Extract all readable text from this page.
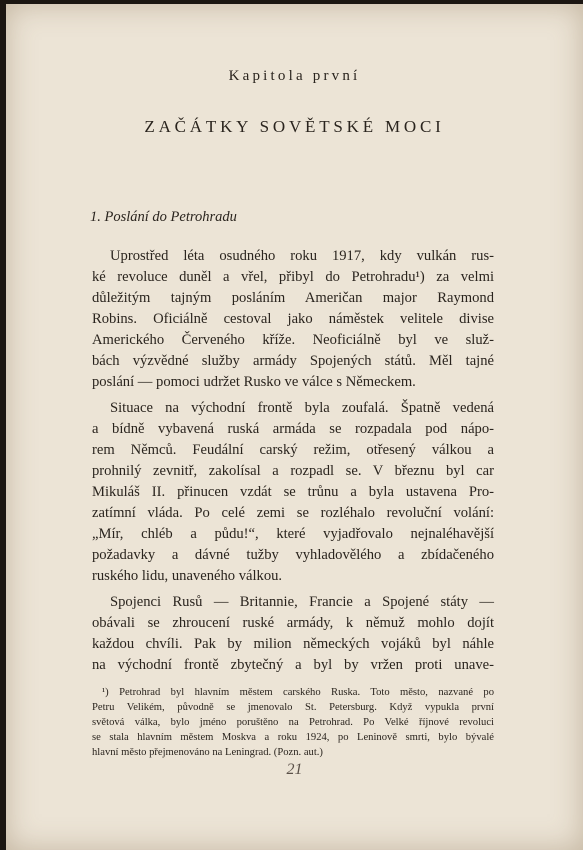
Kapitola první
ZAČÁTKY SOVĚTSKÉ MOCI
1. Poslání do Petrohradu
Uprostřed léta osudného roku 1917, kdy vulkán rus-
ké revoluce duněl a vřel, přibyl do Petrohradu¹) za velmi
důležitým tajným posláním Američan major Raymond
Robins. Oficiálně cestoval jako náměstek velitele divise
Amerického Červeného kříže. Neoficiálně byl ve služ-
bách výzvědné služby armády Spojených států. Měl tajné
poslání — pomoci udržet Rusko ve válce s Německem.
Situace na východní frontě byla zoufalá. Špatně vedená
a bídně vybavená ruská armáda se rozpadala pod nápo-
rem Němců. Feudální carský režim, otřesený válkou a
prohnilý zevnitř, zakolísal a rozpadl se. V březnu byl car
Mikuláš II. přinucen vzdát se trůnu a byla ustavena Pro-
zatímní vláda. Po celé zemi se rozléhalo revoluční volání:
„Mír, chléb a půdu!“, které vyjadřovalo nejnaléhavější
požadavky a dávné tužby vyhladovělého a zbídačeného
ruského lidu, unaveného válkou.
Spojenci Rusů — Britannie, Francie a Spojené státy —
obávali se zhroucení ruské armády, k němuž mohlo dojít
každou chvíli. Pak by milion německých vojáků byl náhle
na východní frontě zbytečný a byl by vržen proti unave-
¹) Petrohrad byl hlavním městem carského Ruska. Toto město, nazvané po
Petru Velikém, původně se jmenovalo St. Petersburg. Když vypukla první
světová válka, bylo jméno poruštěno na Petrohrad. Po Velké říjnové revoluci
se stala hlavním městem Moskva a roku 1924, po Leninově smrti, bylo bývalé
hlavní město přejmenováno na Leningrad. (Pozn. aut.)
21
